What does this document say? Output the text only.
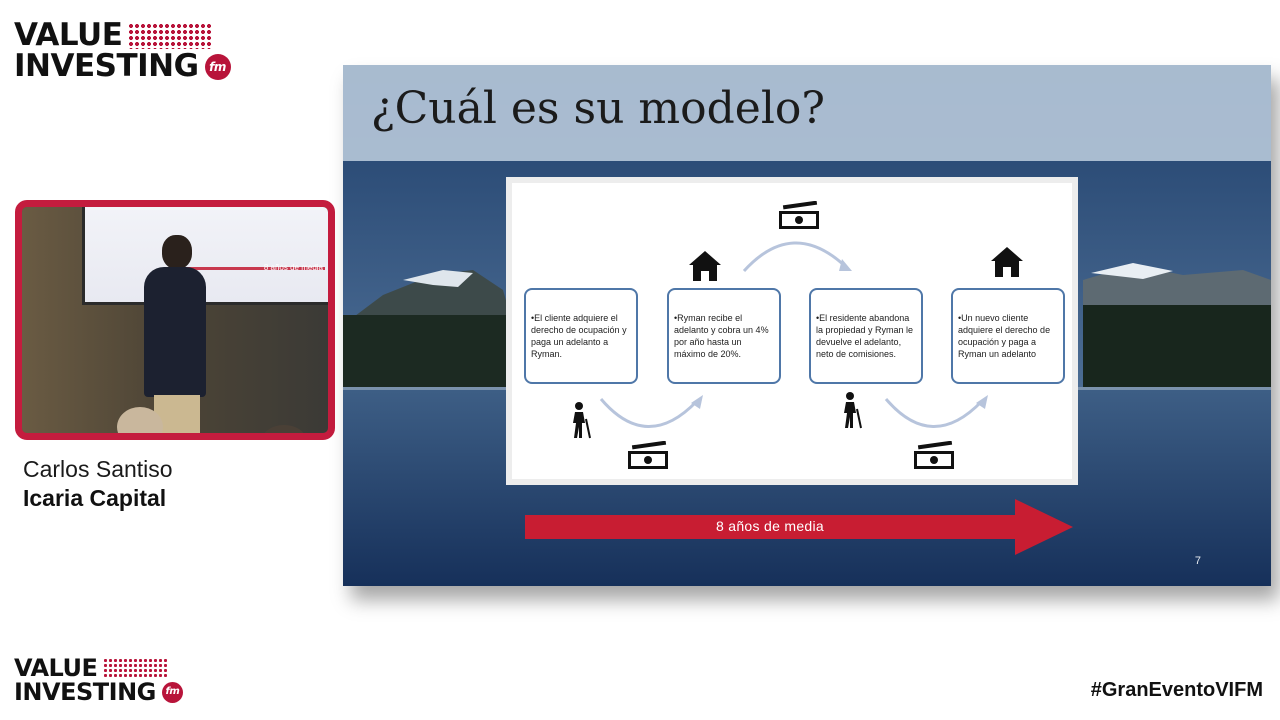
VALUE
INVESTING fm
8 años de media
Carlos Santiso
Icaria Capital
¿Cuál es su modelo?
•El cliente adquiere el derecho de ocupación y paga un adelanto a Ryman.
•Ryman recibe el adelanto y cobra un 4% por año hasta un máximo de 20%.
•El residente abandona la propiedad y Ryman le devuelve el adelanto, neto de comisiones.
•Un nuevo cliente adquiere el derecho de ocupación y paga a Ryman un adelanto
8 años de media
7
VALUE
INVESTING fm	#GranEventoVIFM
